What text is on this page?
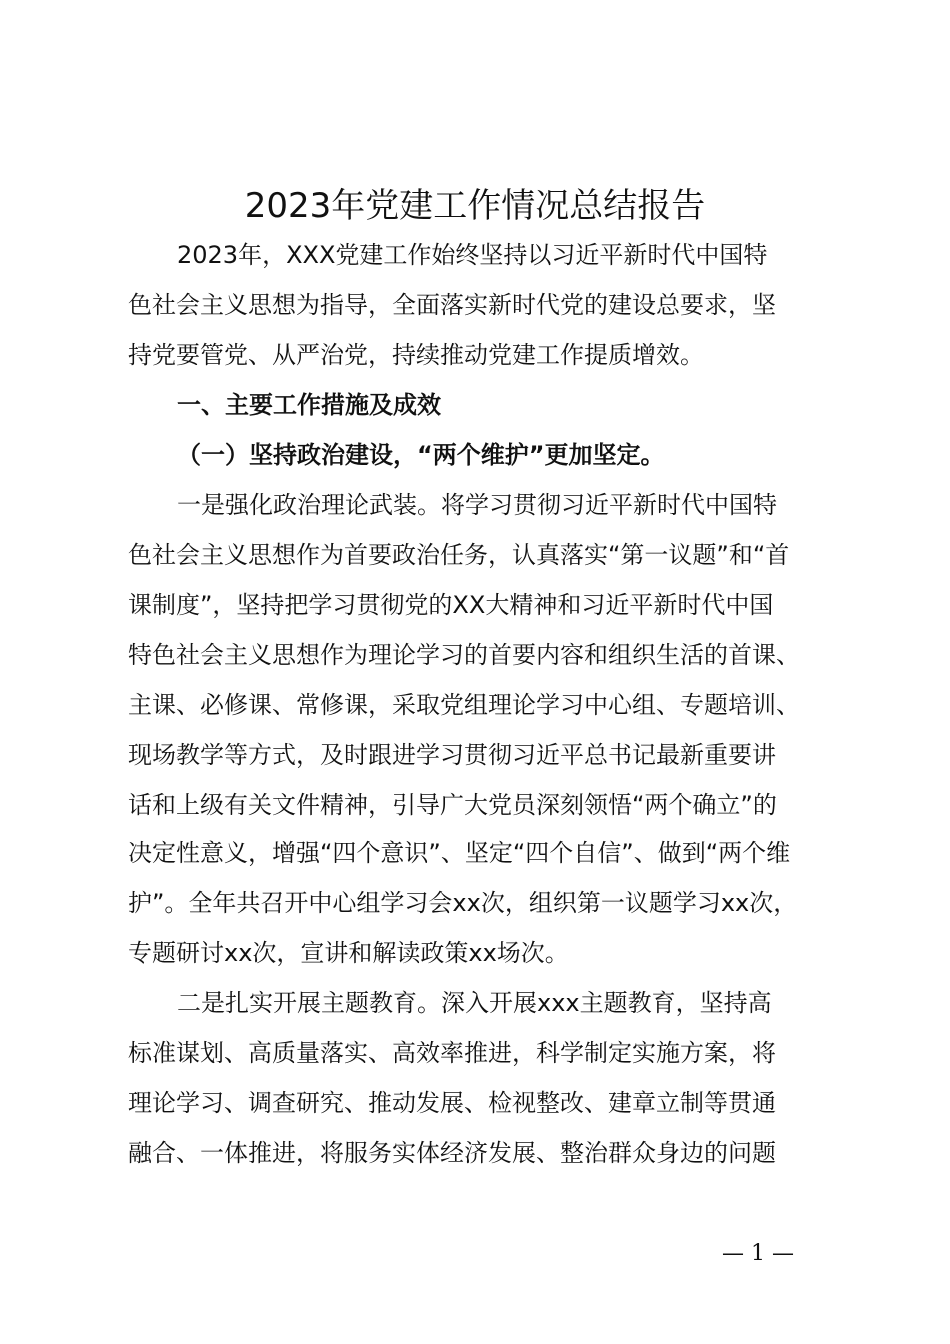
2023年党建工作情况总结报告
2023年，XXX党建工作始终坚持以习近平新时代中国特
色社会主义思想为指导，全面落实新时代党的建设总要求，坚
持党要管党、从严治党，持续推动党建工作提质增效。
一、主要工作措施及成效
（一）坚持政治建设，“两个维护”更加坚定。
一是强化政治理论武装。将学习贯彻习近平新时代中国特
色社会主义思想作为首要政治任务，认真落实“第一议题”和“首
课制度”，坚持把学习贯彻党的XX大精神和习近平新时代中国
特色社会主义思想作为理论学习的首要内容和组织生活的首课、
主课、必修课、常修课，采取党组理论学习中心组、专题培训、
现场教学等方式，及时跟进学习贯彻习近平总书记最新重要讲
话和上级有关文件精神，引导广大党员深刻领悟“两个确立”的
决定性意义，增强“四个意识”、坚定“四个自信”、做到“两个维
护”。全年共召开中心组学习会xx次，组织第一议题学习xx次，
专题研讨xx次，宣讲和解读政策xx场次。
二是扎实开展主题教育。深入开展xxx主题教育，坚持高
标准谋划、高质量落实、高效率推进，科学制定实施方案，将
理论学习、调查研究、推动发展、检视整改、建章立制等贯通
融合、一体推进，将服务实体经济发展、整治群众身边的问题
— 1 —
